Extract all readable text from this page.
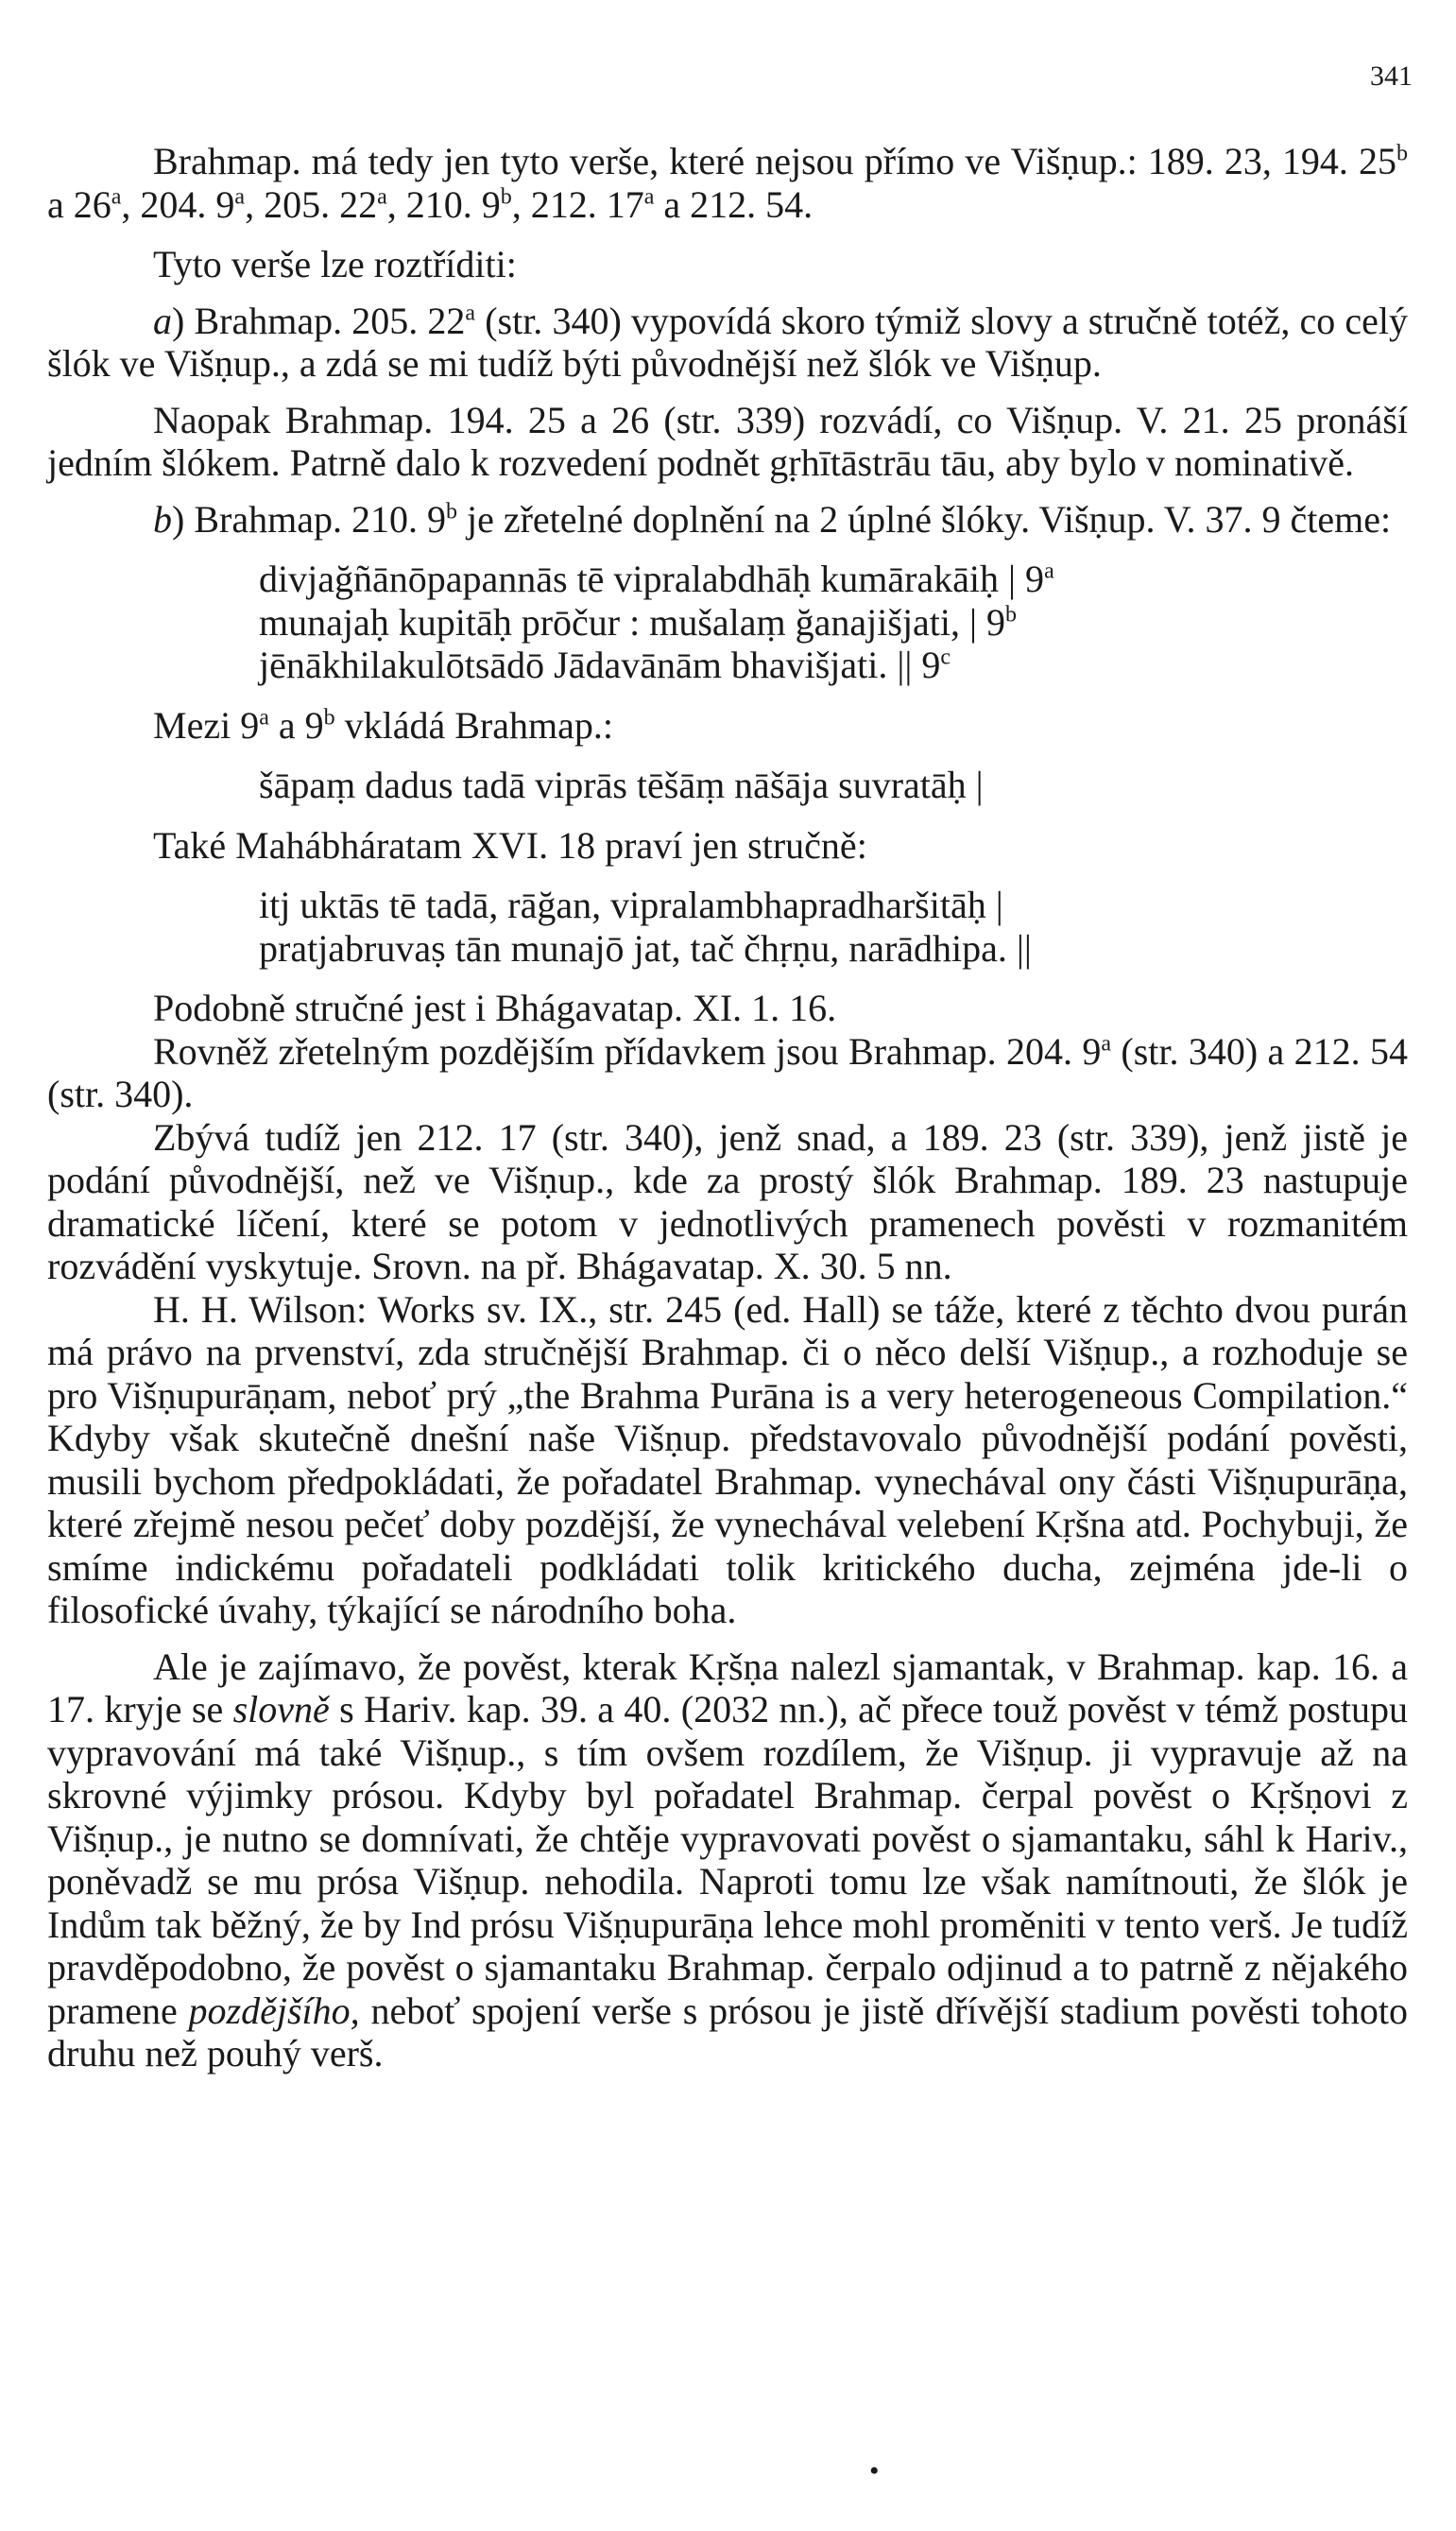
341

Brahmap. má tedy jen tyto verše, které nejsou přímo ve Višṇup.: 189. 23, 194. 25$^b$ a 26$^a$, 204. 9$^a$, 205. 22$^a$, 210. 9$^b$, 212. 17$^a$ a 212. 54.

Tyto verše lze roztříditi:

a) Brahmap. 205. 22$^a$ (str. 340) vypovídá skoro týmiž slovy a stručně totéž, co celý šlók ve Višṇup., a zdá se mi tudíž býti původnější než šlók ve Višṇup.

Naopak Brahmap. 194. 25 a 26 (str. 339) rozvádí, co Višṇup. V. 21. 25 pronáší jedním šlókem. Patrně dalo k rozvedení podnět gṛhītāstrāu tāu, aby bylo v nominativě.

b) Brahmap. 210. 9$^b$ je zřetelné doplnění na 2 úplné šlóky. Višṇup. V. 37. 9 čteme:

divjağñānōpapannās tē vipralabdhāḥ kumārakāiḥ | 9$^a$
munajaḥ kupitāḥ prōčur : mušalaṃ ğanajišjati, | 9$^b$
jēnākhilakulōtsādō Jādavānām bhavišjati. || 9$^c$

Mezi 9$^a$ a 9$^b$ vkládá Brahmap.:

šāpaṃ dadus tadā viprās tēšāṃ nāšāja suvratāḥ |

Také Mahábháratam XVI. 18 praví jen stručně:

itj uktās tē tadā, rāğan, vipralambhapradharšitāḥ |
pratjabruvaṣ tān munajō jat, tač čhṛṇu, narādhipa. ||

Podobně stručné jest i Bhágavatap. XI. 1. 16.

Rovněž zřetelným pozdějším přídavkem jsou Brahmap. 204. 9$^a$ (str. 340) a 212. 54 (str. 340).

Zbývá tudíž jen 212. 17 (str. 340), jenž snad, a 189. 23 (str. 339), jenž jistě je podání původnější, než ve Višṇup., kde za prostý šlók Brahmap. 189. 23 nastupuje dramatické líčení, které se potom v jednotlivých pramenech pověsti v rozmanitém rozvádění vyskytuje. Srovn. na př. Bhágavatap. X. 30. 5 nn.

H. H. Wilson: Works sv. IX., str. 245 (ed. Hall) se táže, které z těchto dvou purán má právo na prvenství, zda stručnější Brahmap. či o něco delší Višṇup., a rozhoduje se pro Višṇupurāṇam, neboť prý „the Brahma Purāna is a very heterogeneous Compilation.“ Kdyby však skutečně dnešní naše Višṇup. představovalo původnější podání pověsti, musili bychom předpokládati, že pořadatel Brahmap. vynechával ony části Višṇupurāṇa, které zřejmě nesou pečeť doby pozdější, že vynechával velebení Kṛšna atd. Pochybuji, že smíme indickému pořadateli podkládati tolik kritického ducha, zejména jde-li o filosofické úvahy, týkající se národního boha.

Ale je zajímavo, že pověst, kterak Kṛšṇa nalezl sjamantak, v Brahmap. kap. 16. a 17. kryje se slovně s Hariv. kap. 39. a 40. (2032 nn.), ač přece touž pověst v témž postupu vypravování má také Višṇup., s tím ovšem rozdílem, že Višṇup. ji vypravuje až na skrovné výjimky prósou. Kdyby byl pořadatel Brahmap. čerpal pověst o Kṛšṇovi z Višṇup., je nutno se domnívati, že chtěje vypravovati pověst o sjamantaku, sáhl k Hariv., poněvadž se mu prósa Višṇup. nehodila. Naproti tomu lze však namítnouti, že šlók je Indům tak běžný, že by Ind prósu Višṇupurāṇa lehce mohl proměniti v tento verš. Je tudíž pravděpodobno, že pověst o sjamantaku Brahmap. čerpalo odjinud a to patrně z nějakého pramene pozdějšího, neboť spojení verše s prósou je jistě dřívější stadium pověsti tohoto druhu než pouhý verš.

•
